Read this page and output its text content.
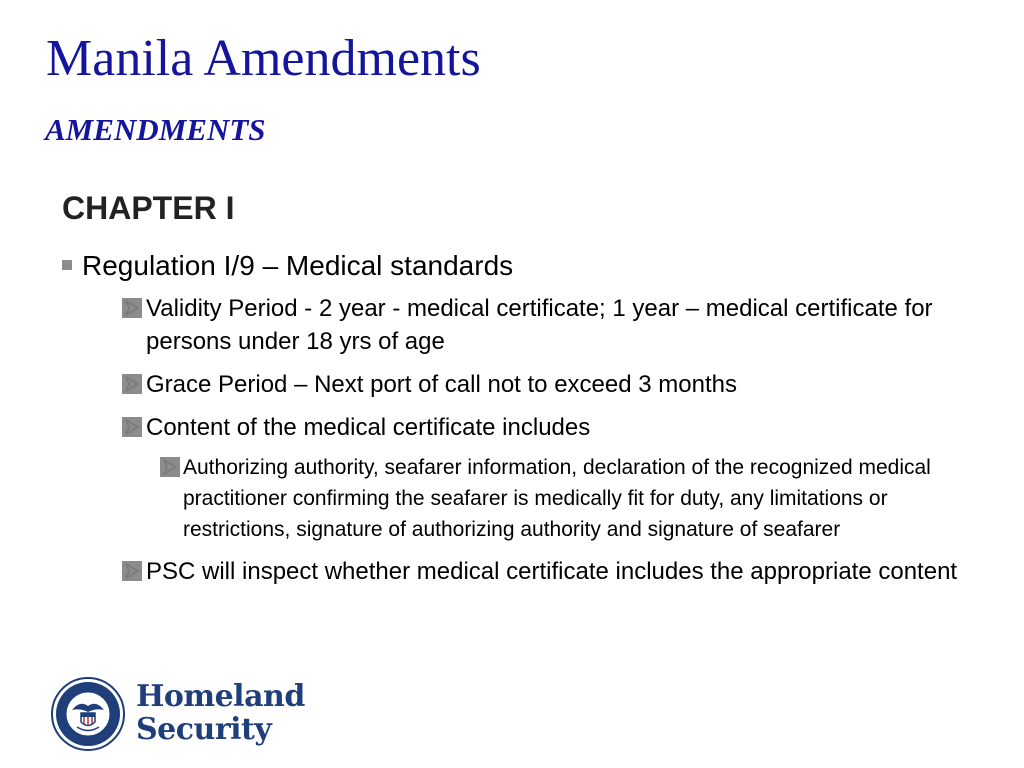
Manila Amendments
AMENDMENTS
CHAPTER I
Regulation I/9 – Medical standards
Validity Period - 2 year - medical certificate; 1 year – medical certificate for persons under 18 yrs of age
Grace Period – Next port of call not to exceed 3 months
Content of the medical certificate includes
Authorizing authority, seafarer information, declaration of the recognized medical practitioner confirming the seafarer is medically fit for duty, any limitations or restrictions, signature of authorizing authority and signature of seafarer
PSC will inspect whether medical certificate includes the appropriate content
Homeland
Security
